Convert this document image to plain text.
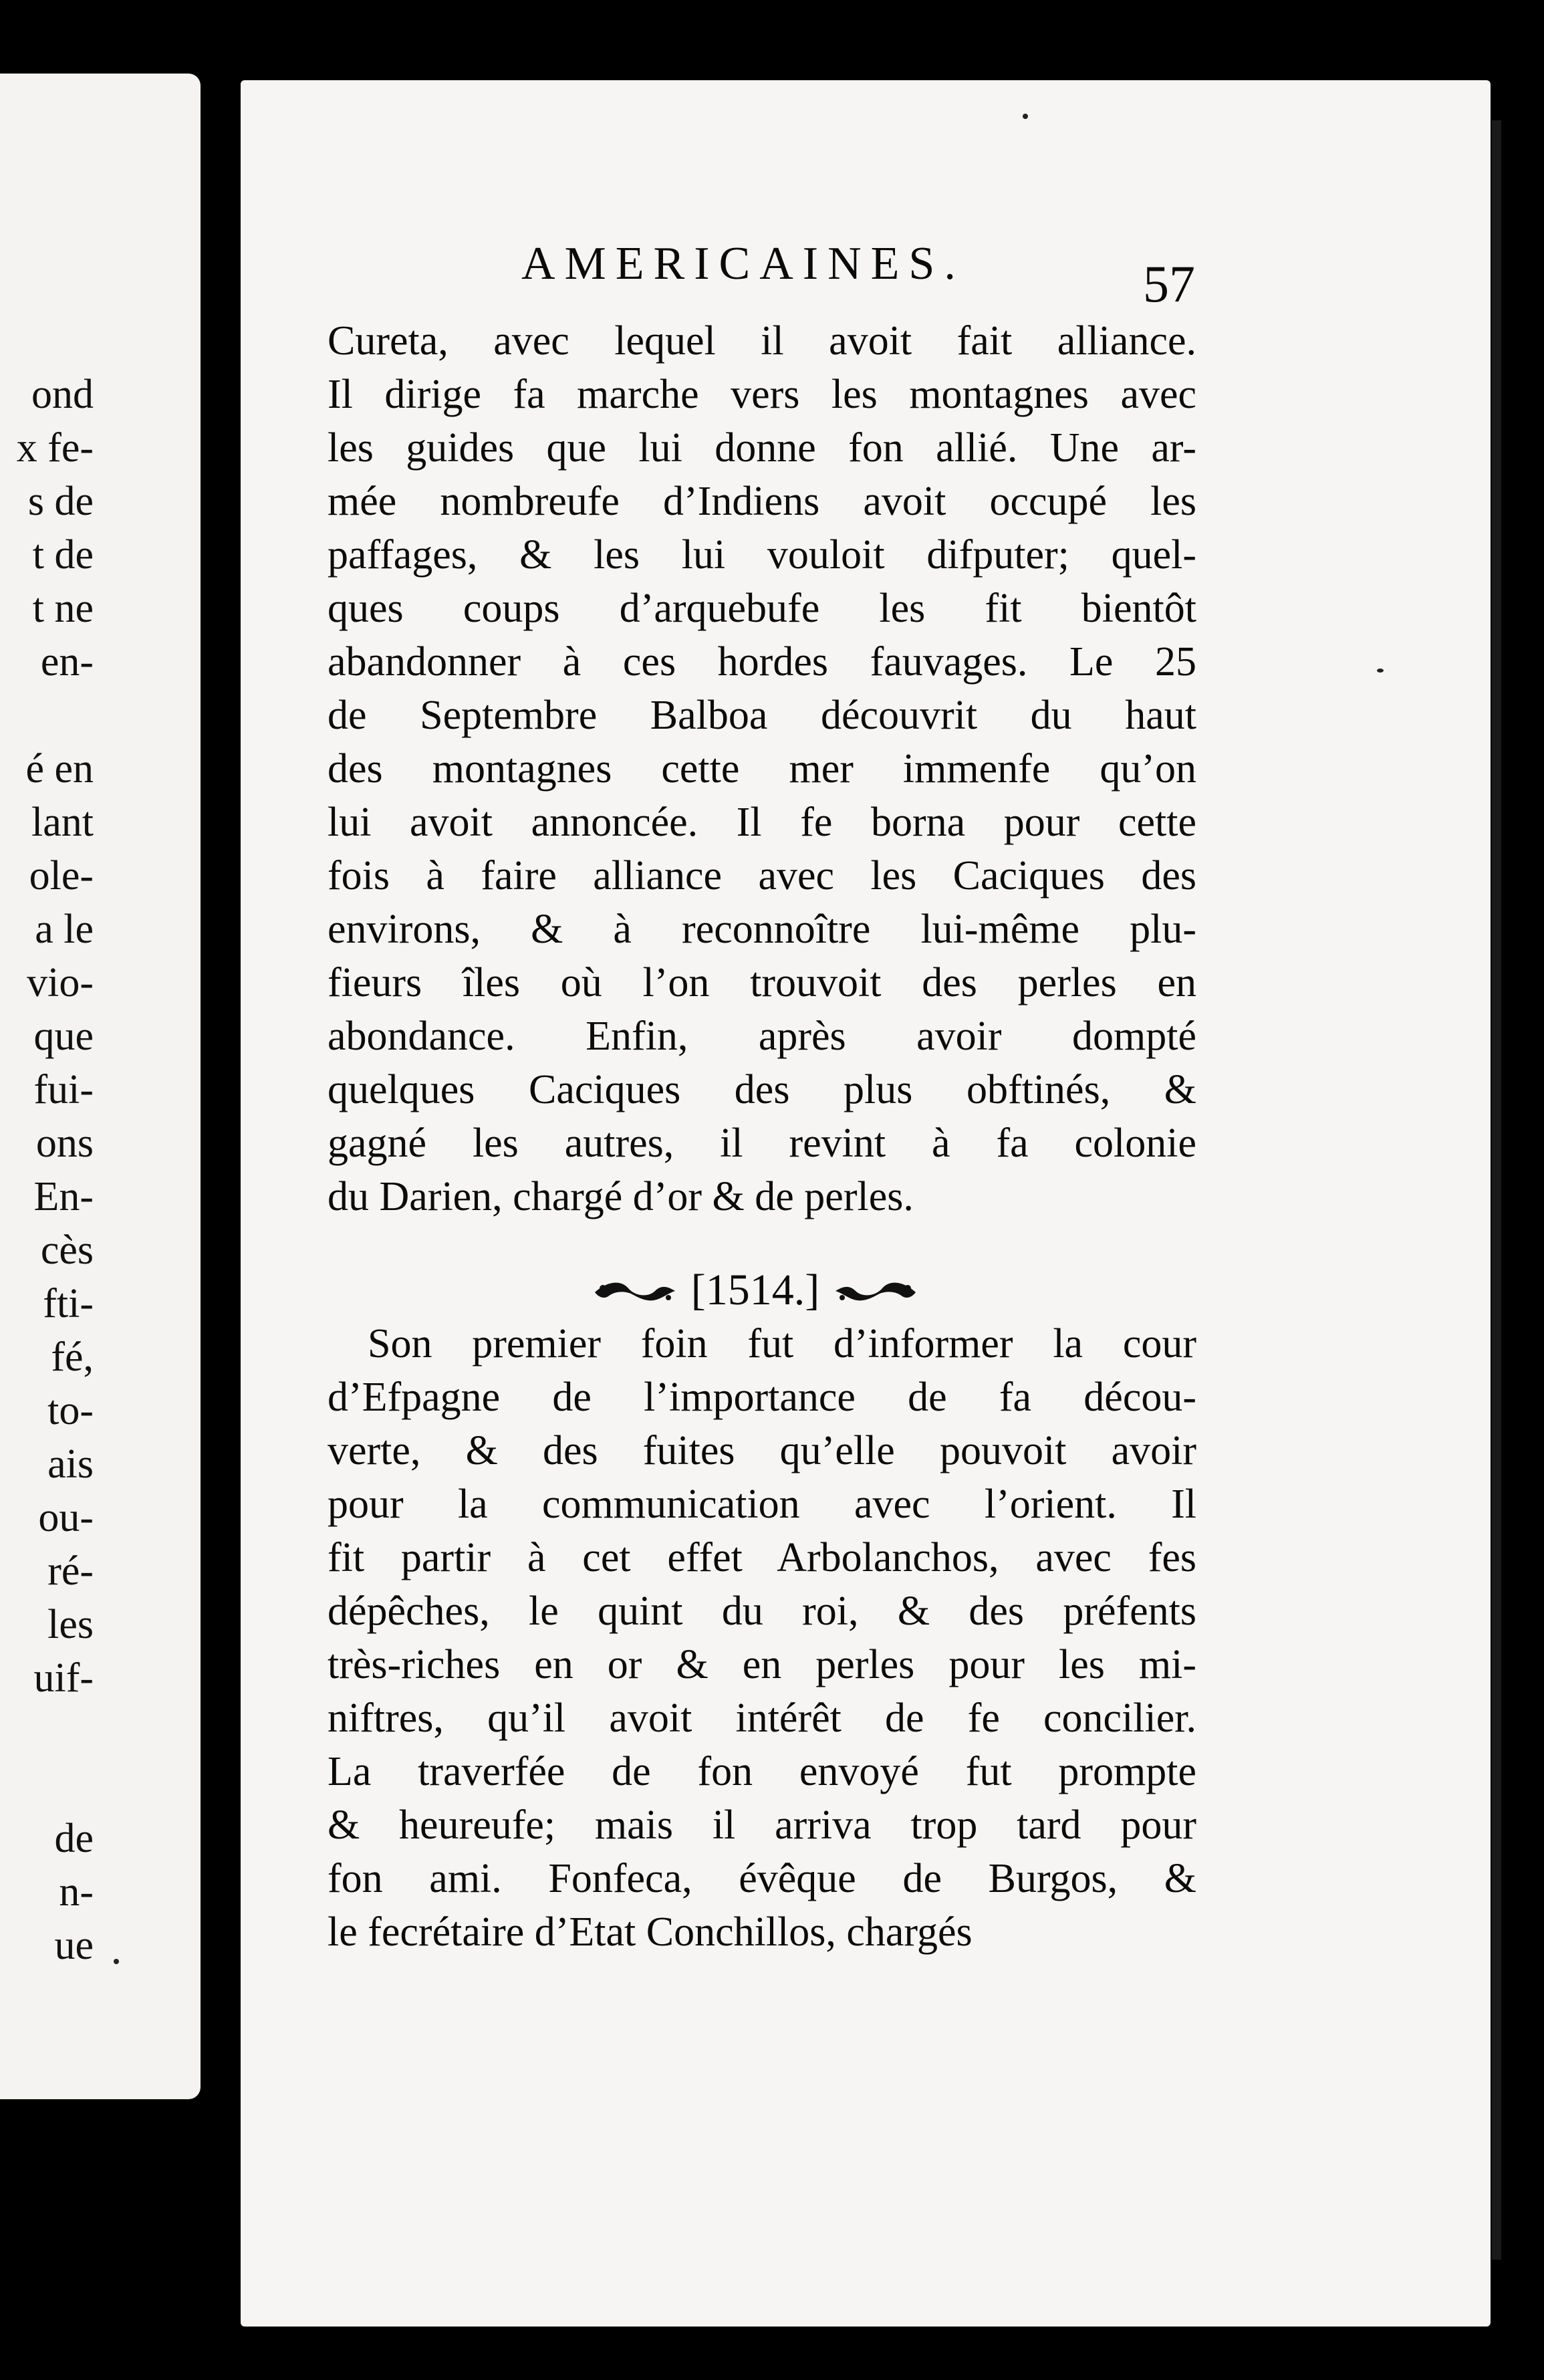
ond
x fe-
s de
t de
t ne
en-
é en
lant
ole-
a le
vio-
que
fui-
ons
En-
cès
fti-
fé,
to-
ais
ou-
ré-
les
uif-
de
n-
ue
AMERICAINES.	57
Cureta, avec lequel il avoit fait alliance.
Il dirige fa marche vers les montagnes avec
les guides que lui donne fon allié. Une ar-
mée nombreufe d’Indiens avoit occupé les
paffages, & les lui vouloit difputer; quel-
ques coups d’arquebufe les fit bientôt
abandonner à ces hordes fauvages. Le 25
de Septembre Balboa découvrit du haut
des montagnes cette mer immenfe qu’on
lui avoit annoncée. Il fe borna pour cette
fois à faire alliance avec les Caciques des
environs, & à reconnoître lui-même plu-
fieurs îles où l’on trouvoit des perles en
abondance. Enfin, après avoir dompté
quelques Caciques des plus obftinés, &
gagné les autres, il revint à fa colonie
du Darien, chargé d’or & de perles.
[1514.]
Son premier foin fut d’informer la cour
d’Efpagne de l’importance de fa décou-
verte, & des fuites qu’elle pouvoit avoir
pour la communication avec l’orient. Il
fit partir à cet effet Arbolanchos, avec fes
dépêches, le quint du roi, & des préfents
très-riches en or & en perles pour les mi-
niftres, qu’il avoit intérêt de fe concilier.
La traverfée de fon envoyé fut prompte
& heureufe; mais il arriva trop tard pour
fon ami. Fonfeca, évêque de Burgos, &
le fecrétaire d’Etat Conchillos, chargés
